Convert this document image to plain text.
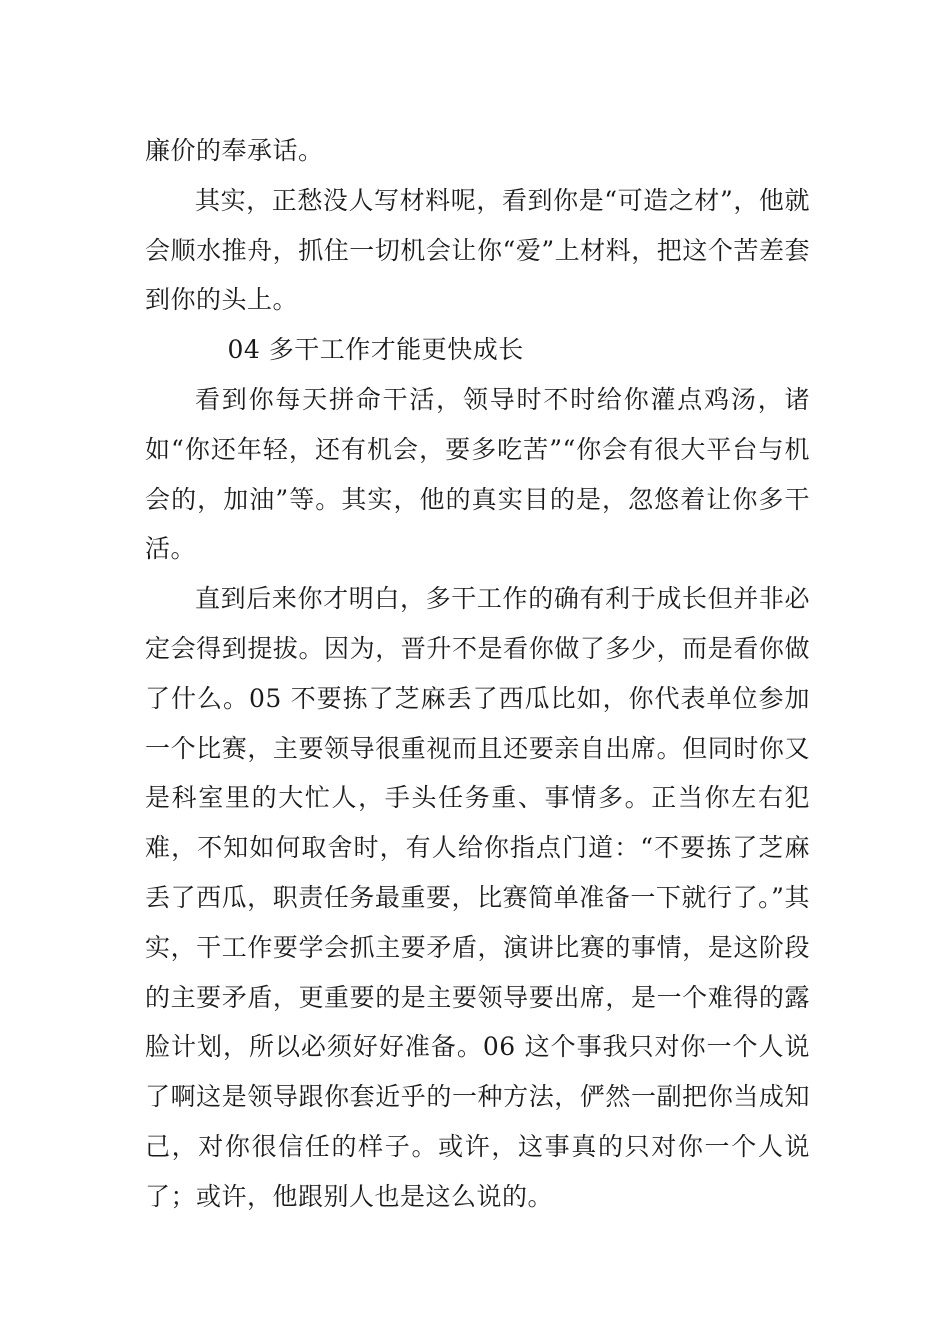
廉价的奉承话。

其实，正愁没人写材料呢，看到你是“可造之材”，他就会顺水推舟，抓住一切机会让你“爱”上材料，把这个苦差套到你的头上。

04 多干工作才能更快成长

看到你每天拼命干活，领导时不时给你灌点鸡汤，诸如“你还年轻，还有机会，要多吃苦”“你会有很大平台与机会的，加油”等。其实，他的真实目的是，忽悠着让你多干活。

直到后来你才明白，多干工作的确有利于成长但并非必定会得到提拔。因为，晋升不是看你做了多少，而是看你做了什么。05 不要拣了芝麻丢了西瓜比如，你代表单位参加一个比赛，主要领导很重视而且还要亲自出席。但同时你又是科室里的大忙人，手头任务重、事情多。正当你左右犯难，不知如何取舍时，有人给你指点门道：“不要拣了芝麻丢了西瓜，职责任务最重要，比赛简单准备一下就行了。”其实，干工作要学会抓主要矛盾，演讲比赛的事情，是这阶段的主要矛盾，更重要的是主要领导要出席，是一个难得的露脸计划，所以必须好好准备。06 这个事我只对你一个人说了啊这是领导跟你套近乎的一种方法，俨然一副把你当成知己，对你很信任的样子。或许，这事真的只对你一个人说了；或许，他跟别人也是这么说的。
